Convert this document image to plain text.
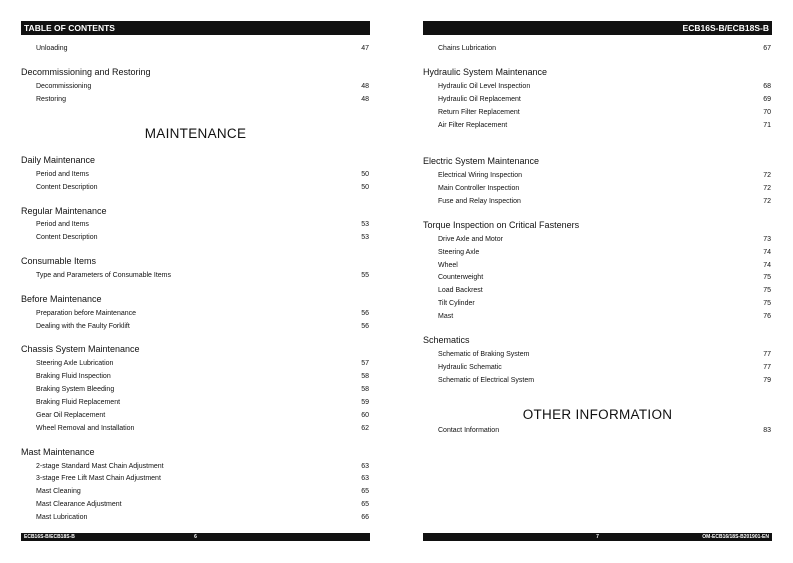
TABLE OF CONTENTS
Unloading	47
Decommissioning and Restoring
Decommissioning	48
Restoring	48
MAINTENANCE
Daily Maintenance
Period and Items	50
Content Description	50
Regular Maintenance
Period and Items	53
Content Description	53
Consumable Items
Type and Parameters of Consumable Items	55
Before Maintenance
Preparation before Maintenance	56
Dealing with the Faulty Forklift	56
Chassis System Maintenance
Steering Axle Lubrication	57
Braking Fluid Inspection	58
Braking System Bleeding	58
Braking Fluid Replacement	59
Gear Oil Replacement	60
Wheel Removal and Installation	62
Mast Maintenance
2-stage Standard Mast Chain Adjustment	63
3-stage Free Lift Mast Chain Adjustment	63
Mast Cleaning	65
Mast Clearance Adjustment	65
Mast Lubrication	66
ECB16S-B/ECB18S-B	6
ECB16S-B/ECB18S-B
Chains Lubrication	67
Hydraulic System Maintenance
Hydraulic Oil Level Inspection	68
Hydraulic Oil Replacement	69
Return Filter Replacement	70
Air Filter Replacement	71
Electric System Maintenance
Electrical Wiring Inspection	72
Main Controller Inspection	72
Fuse and Relay Inspection	72
Torque Inspection on Critical Fasteners
Drive Axle and Motor	73
Steering Axle	74
Wheel	74
Counterweight	75
Load Backrest	75
Tilt Cylinder	75
Mast	76
Schematics
Schematic of Braking System	77
Hydraulic Schematic	77
Schematic of Electrical System	79
OTHER INFORMATION
Contact Information	83
7	OM-ECB16/18S-B201901-EN
